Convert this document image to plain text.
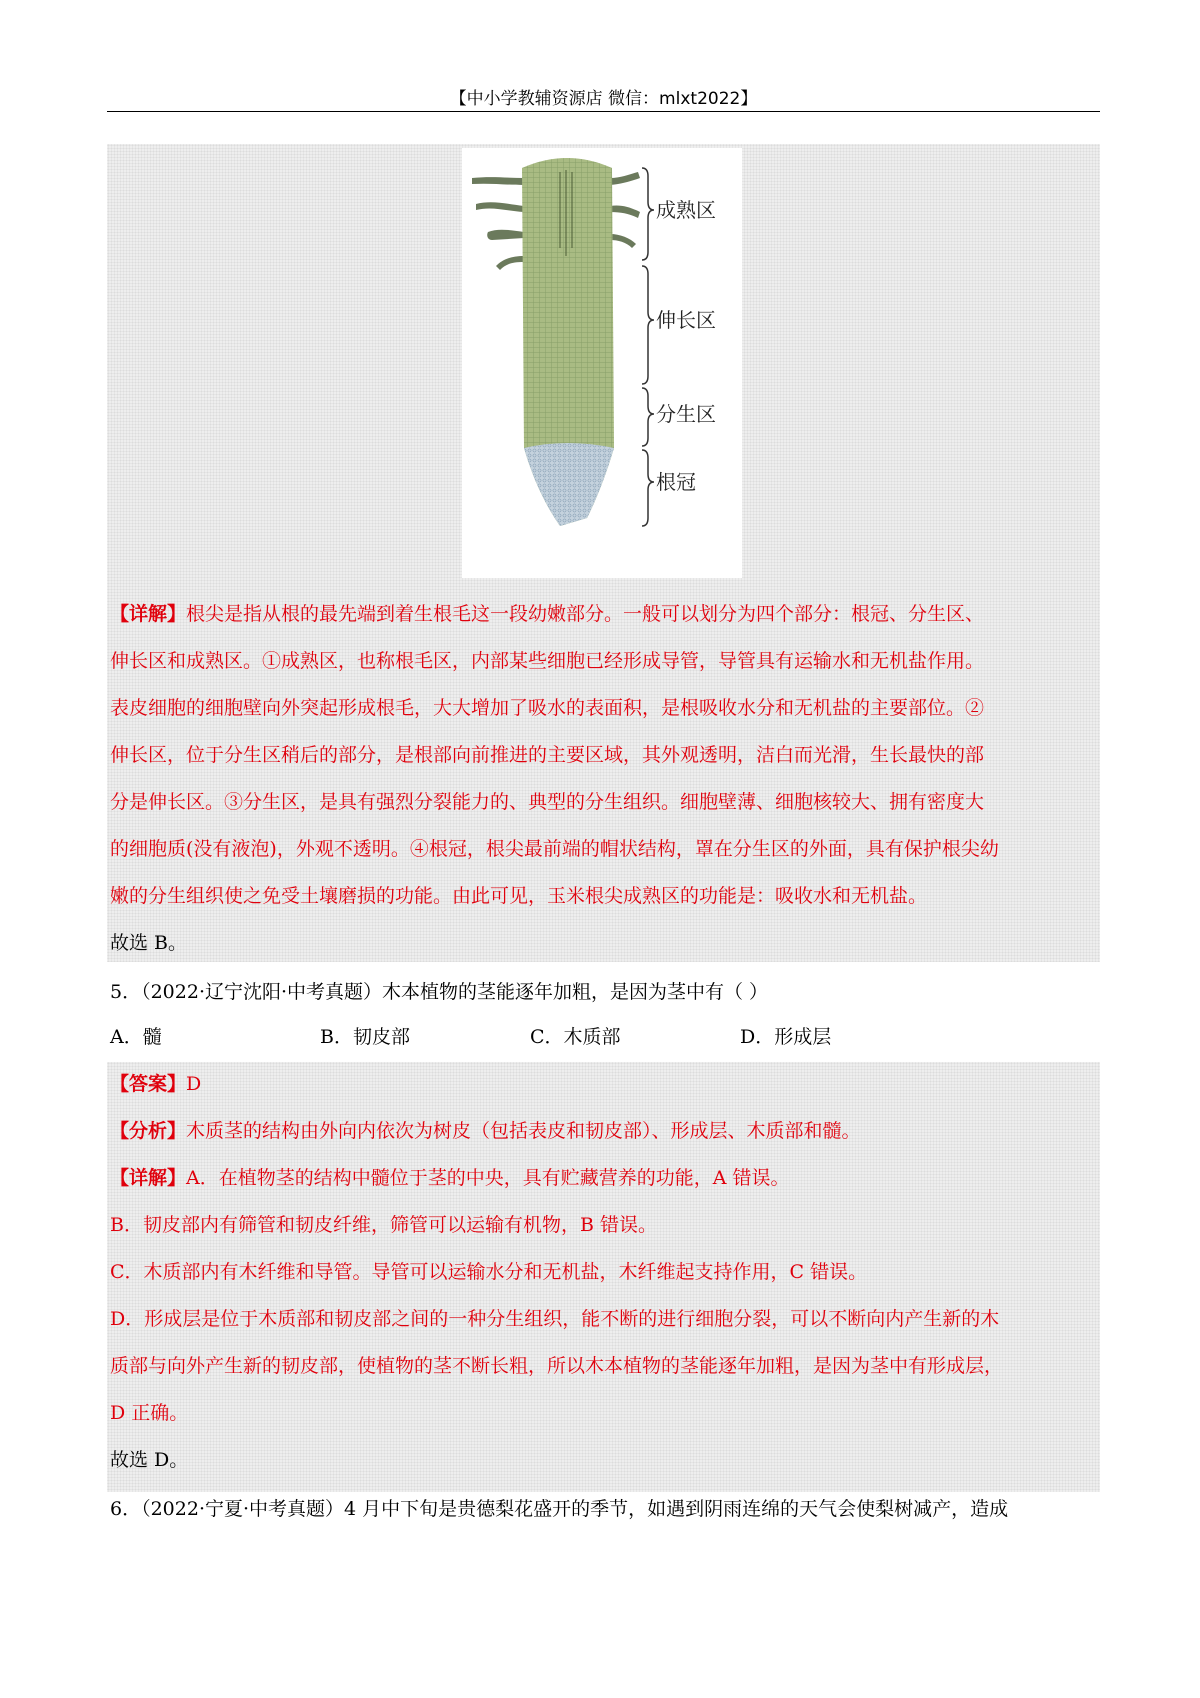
【中小学教辅资源店 微信：mlxt2022】
成熟区
伸长区
分生区
根冠
【详解】根尖是指从根的最先端到着生根毛这一段幼嫩部分。一般可以划分为四个部分：根冠、分生区、
伸长区和成熟区。①成熟区，也称根毛区，内部某些细胞已经形成导管，导管具有运输水和无机盐作用。
表皮细胞的细胞壁向外突起形成根毛，大大增加了吸水的表面积，是根吸收水分和无机盐的主要部位。②
伸长区，位于分生区稍后的部分，是根部向前推进的主要区域，其外观透明，洁白而光滑，生长最快的部
分是伸长区。③分生区，是具有强烈分裂能力的、典型的分生组织。细胞壁薄、细胞核较大、拥有密度大
的细胞质(没有液泡)，外观不透明。④根冠，根尖最前端的帽状结构，罩在分生区的外面，具有保护根尖幼
嫩的分生组织使之免受土壤磨损的功能。由此可见，玉米根尖成熟区的功能是：吸收水和无机盐。
故选 B。
5．（2022·辽宁沈阳·中考真题）木本植物的茎能逐年加粗，是因为茎中有（ ）
A．髓	B．韧皮部	C．木质部	D．形成层
【答案】D
【分析】木质茎的结构由外向内依次为树皮（包括表皮和韧皮部）、形成层、木质部和髓。
【详解】A．在植物茎的结构中髓位于茎的中央，具有贮藏营养的功能，A 错误。
B．韧皮部内有筛管和韧皮纤维，筛管可以运输有机物，B 错误。
C．木质部内有木纤维和导管。导管可以运输水分和无机盐，木纤维起支持作用，C 错误。
D．形成层是位于木质部和韧皮部之间的一种分生组织，能不断的进行细胞分裂，可以不断向内产生新的木
质部与向外产生新的韧皮部，使植物的茎不断长粗，所以木本植物的茎能逐年加粗，是因为茎中有形成层，
D 正确。
故选 D。
6．（2022·宁夏·中考真题）4 月中下旬是贵德梨花盛开的季节，如遇到阴雨连绵的天气会使梨树减产，造成
